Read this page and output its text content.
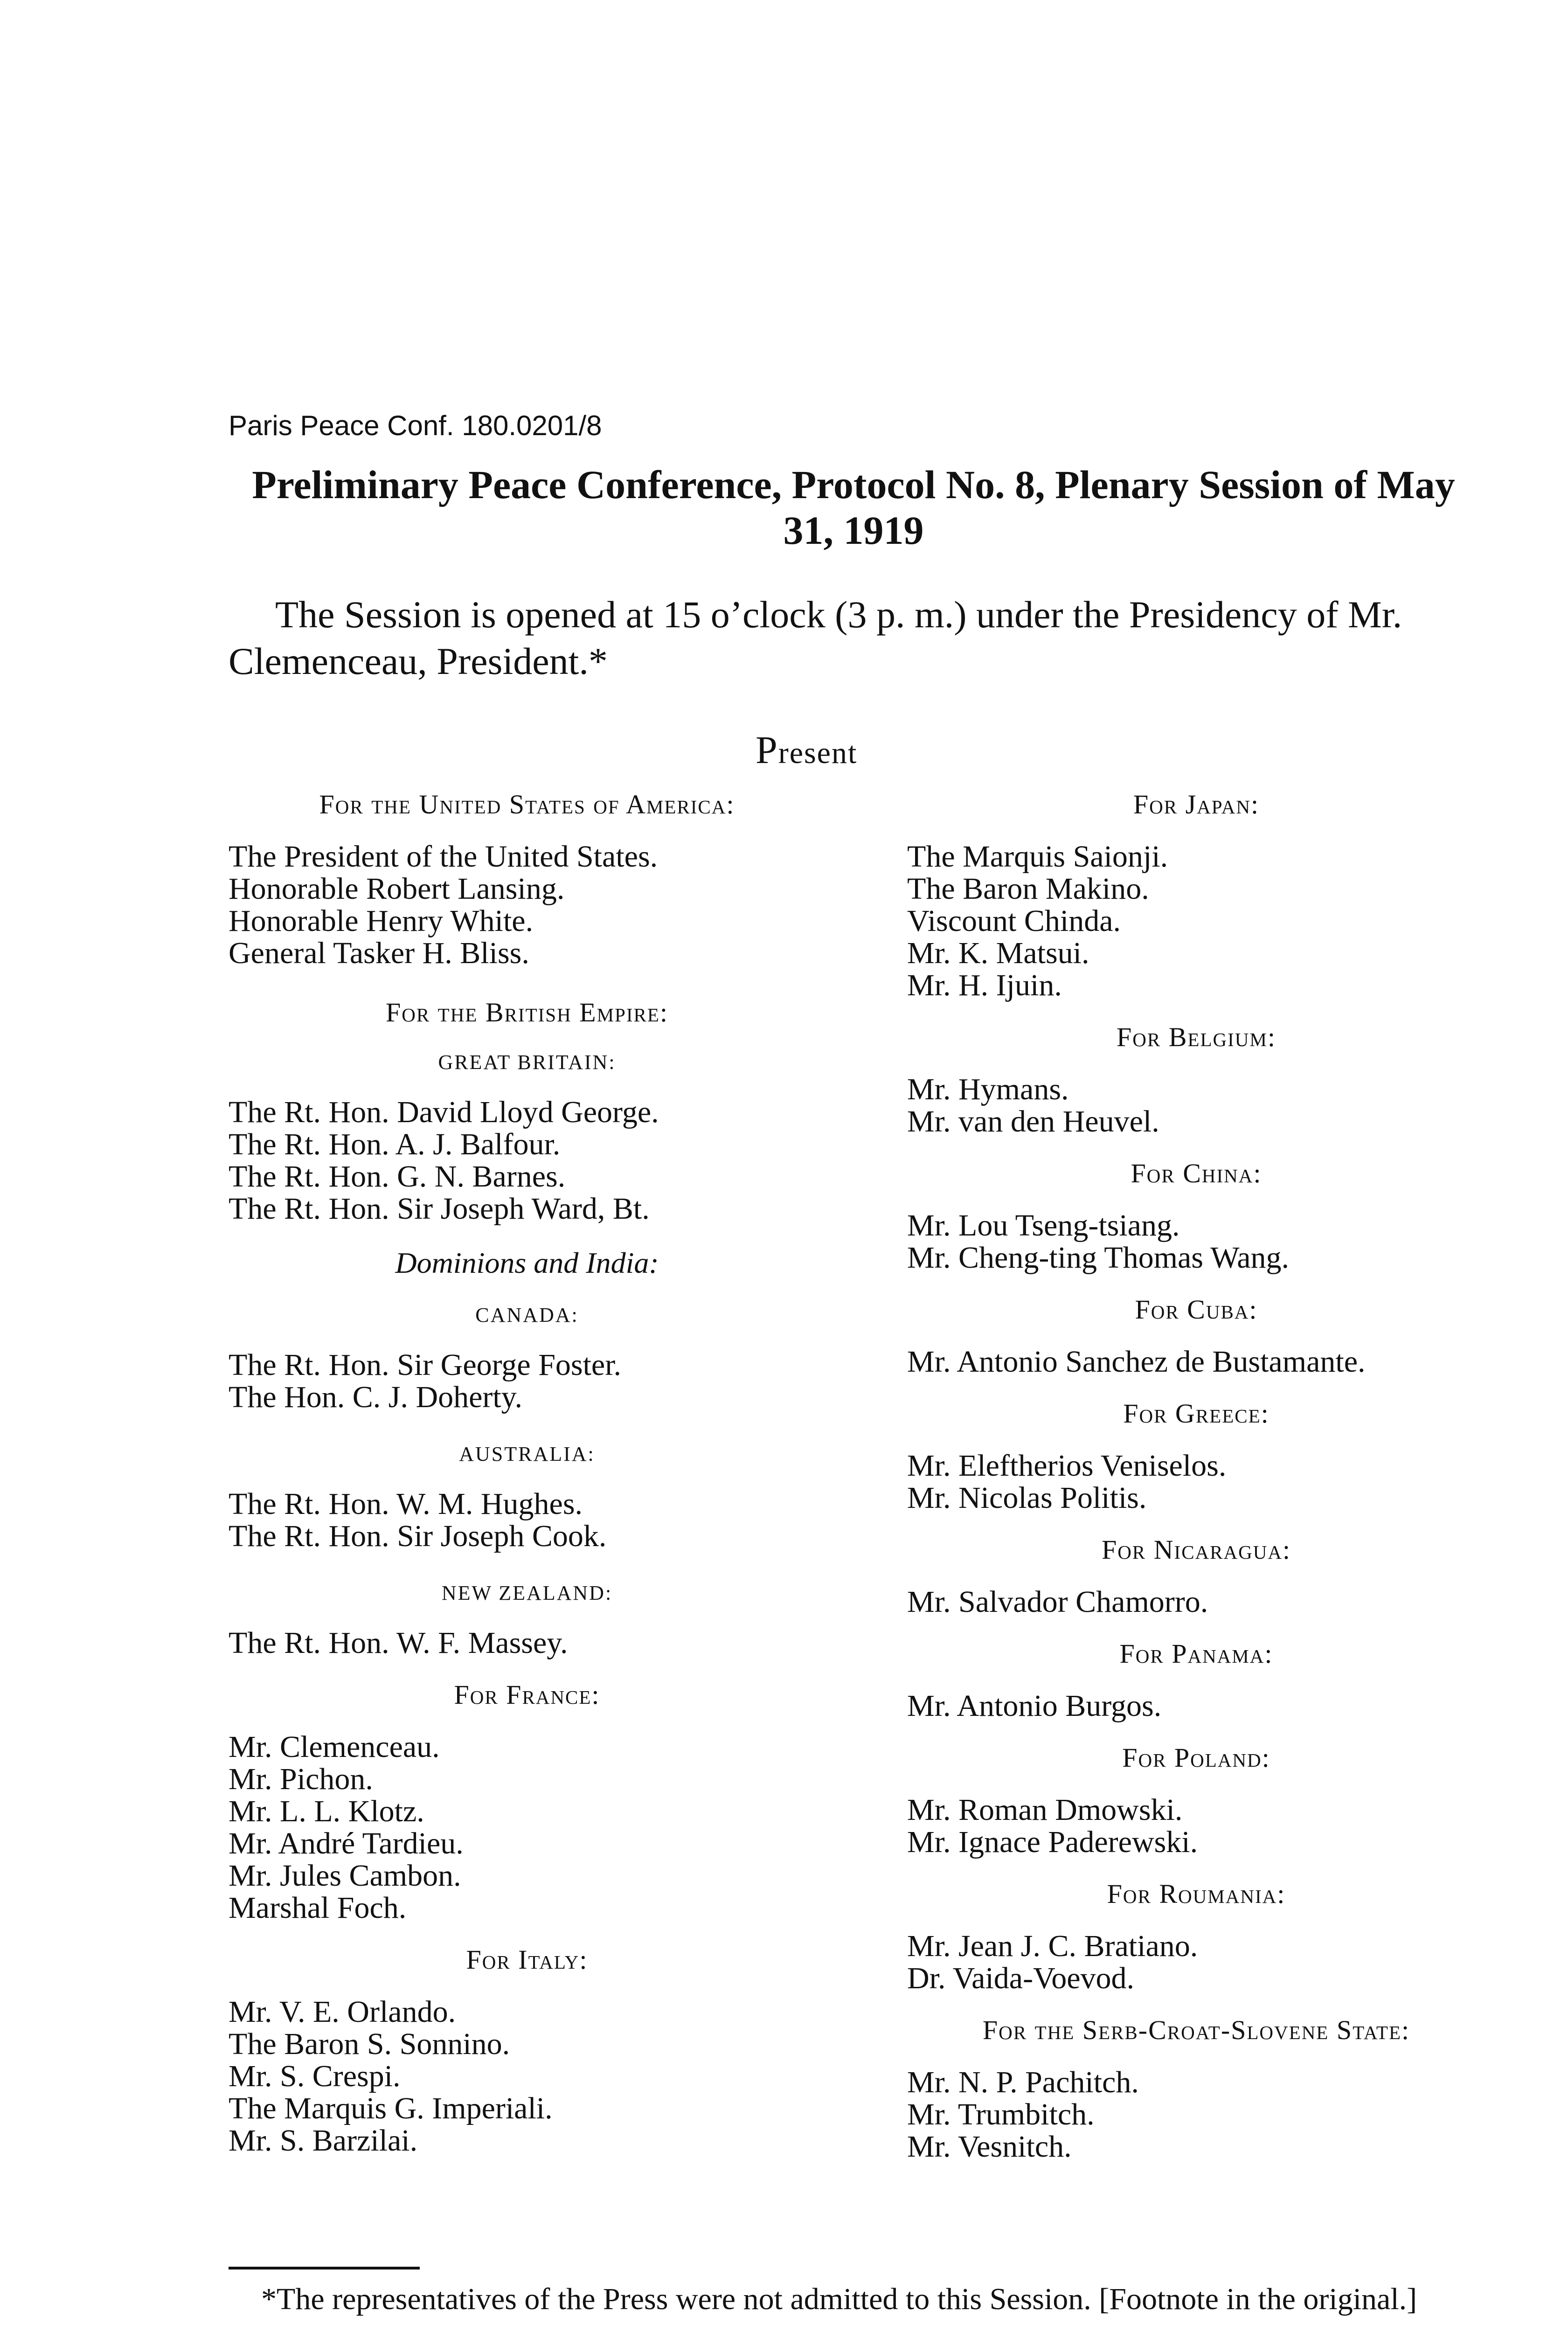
Paris Peace Conf. 180.0201/8
Preliminary Peace Conference, Protocol No. 8, Plenary Session of May 31, 1919
The Session is opened at 15 o’clock (3 p. m.) under the Presidency of Mr. Clemenceau, President.*
Present

For the United States of America:

The President of the United States.
Honorable Robert Lansing.
Honorable Henry White.
General Tasker H. Bliss.

For the British Empire:

GREAT BRITAIN:

The Rt. Hon. David Lloyd George.
The Rt. Hon. A. J. Balfour.
The Rt. Hon. G. N. Barnes.
The Rt. Hon. Sir Joseph Ward, Bt.

Dominions and India:

CANADA:

The Rt. Hon. Sir George Foster.
The Hon. C. J. Doherty.

AUSTRALIA:

The Rt. Hon. W. M. Hughes.
The Rt. Hon. Sir Joseph Cook.

NEW ZEALAND:

The Rt. Hon. W. F. Massey.

For France:

Mr. Clemenceau.
Mr. Pichon.
Mr. L. L. Klotz.
Mr. André Tardieu.
Mr. Jules Cambon.
Marshal Foch.

For Italy:

Mr. V. E. Orlando.
The Baron S. Sonnino.
Mr. S. Crespi.
The Marquis G. Imperiali.
Mr. S. Barzilai.

For Japan:

The Marquis Saionji.
The Baron Makino.
Viscount Chinda.
Mr. K. Matsui.
Mr. H. Ijuin.

For Belgium:

Mr. Hymans.
Mr. van den Heuvel.

For China:

Mr. Lou Tseng-tsiang.
Mr. Cheng-ting Thomas Wang.

For Cuba:

Mr. Antonio Sanchez de Bustamante.

For Greece:

Mr. Eleftherios Veniselos.
Mr. Nicolas Politis.

For Nicaragua:

Mr. Salvador Chamorro.

For Panama:

Mr. Antonio Burgos.

For Poland:

Mr. Roman Dmowski.
Mr. Ignace Paderewski.

For Roumania:

Mr. Jean J. C. Bratiano.
Dr. Vaida-Voevod.

For the Serb-Croat-Slovene State:

Mr. N. P. Pachitch.
Mr. Trumbitch.
Mr. Vesnitch.
*The representatives of the Press were not admitted to this Session. [Footnote in the original.]
